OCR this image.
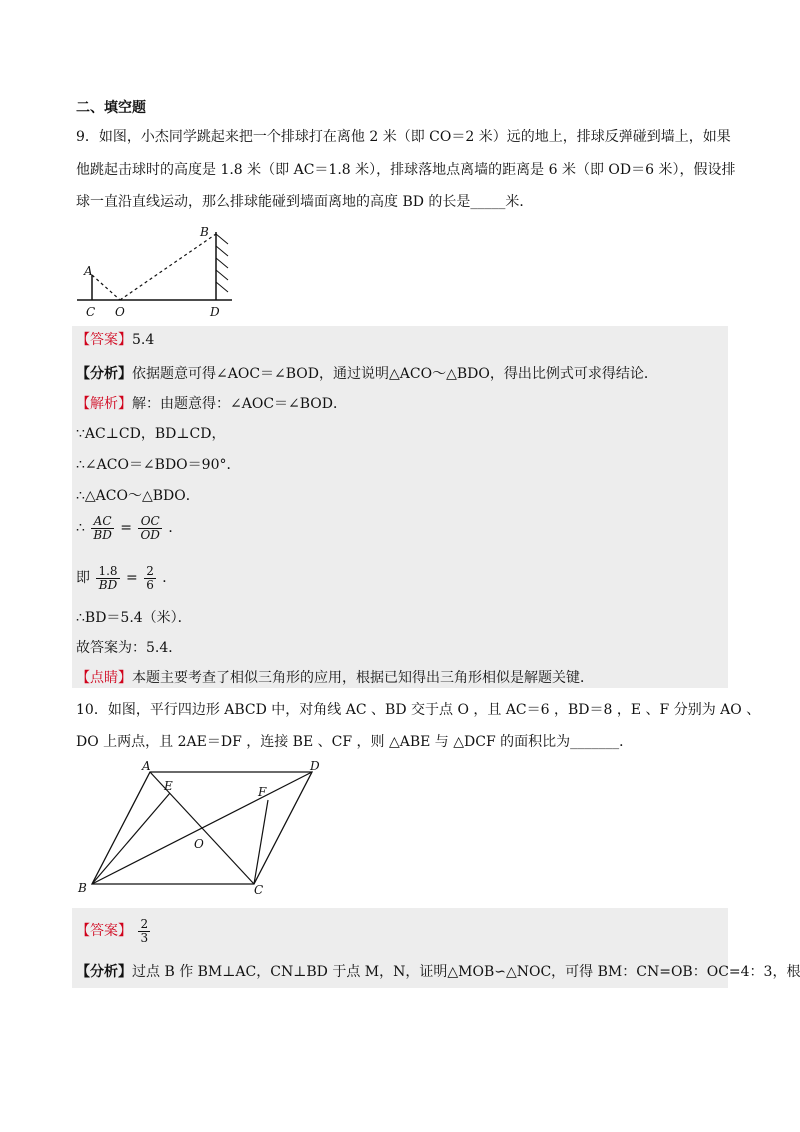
二、填空题
9．如图，小杰同学跳起来把一个排球打在离他 2 米（即 CO＝2 米）远的地上，排球反弹碰到墙上，如果
他跳起击球时的高度是 1.8 米（即 AC＝1.8 米），排球落地点离墙的距离是 6 米（即 OD＝6 米），假设排
球一直沿直线运动，那么排球能碰到墙面离地的高度 BD 的长是_____米．
A
B
C O	D
【答案】5.4
【分析】依据题意可得∠AOC＝∠BOD，通过说明△ACO～△BDO，得出比例式可求得结论．
【解析】解：由题意得：∠AOC＝∠BOD．
∵AC⊥CD，BD⊥CD，
∴∠ACO＝∠BDO＝90°．
∴△ACO～△BDO．
∴ $\frac{AC}{BD} = \frac{OC}{OD}$ ．
即 $\frac{1.8}{BD} = \frac{2}{6}$ ．
∴BD＝5.4（米）．
故答案为：5.4．
【点睛】本题主要考查了相似三角形的应用，根据已知得出三角形相似是解题关键．
10．如图，平行四边形 ABCD 中，对角线 AC 、BD 交于点 O ，且 AC＝6 ，BD＝8 ，E 、F 分别为 AO 、
DO 上两点，且 2AE＝DF ，连接 BE 、CF ，则 △ABE 与 △DCF 的面积比为_______．
A	D
E	F
O
B	C
【答案】 $\frac{2}{3}$
【分析】过点 B 作 BM⊥AC，CN⊥BD 于点 M，N，证明△MOB∽△NOC，可得 BM：CN=OB：OC=4：3，根
